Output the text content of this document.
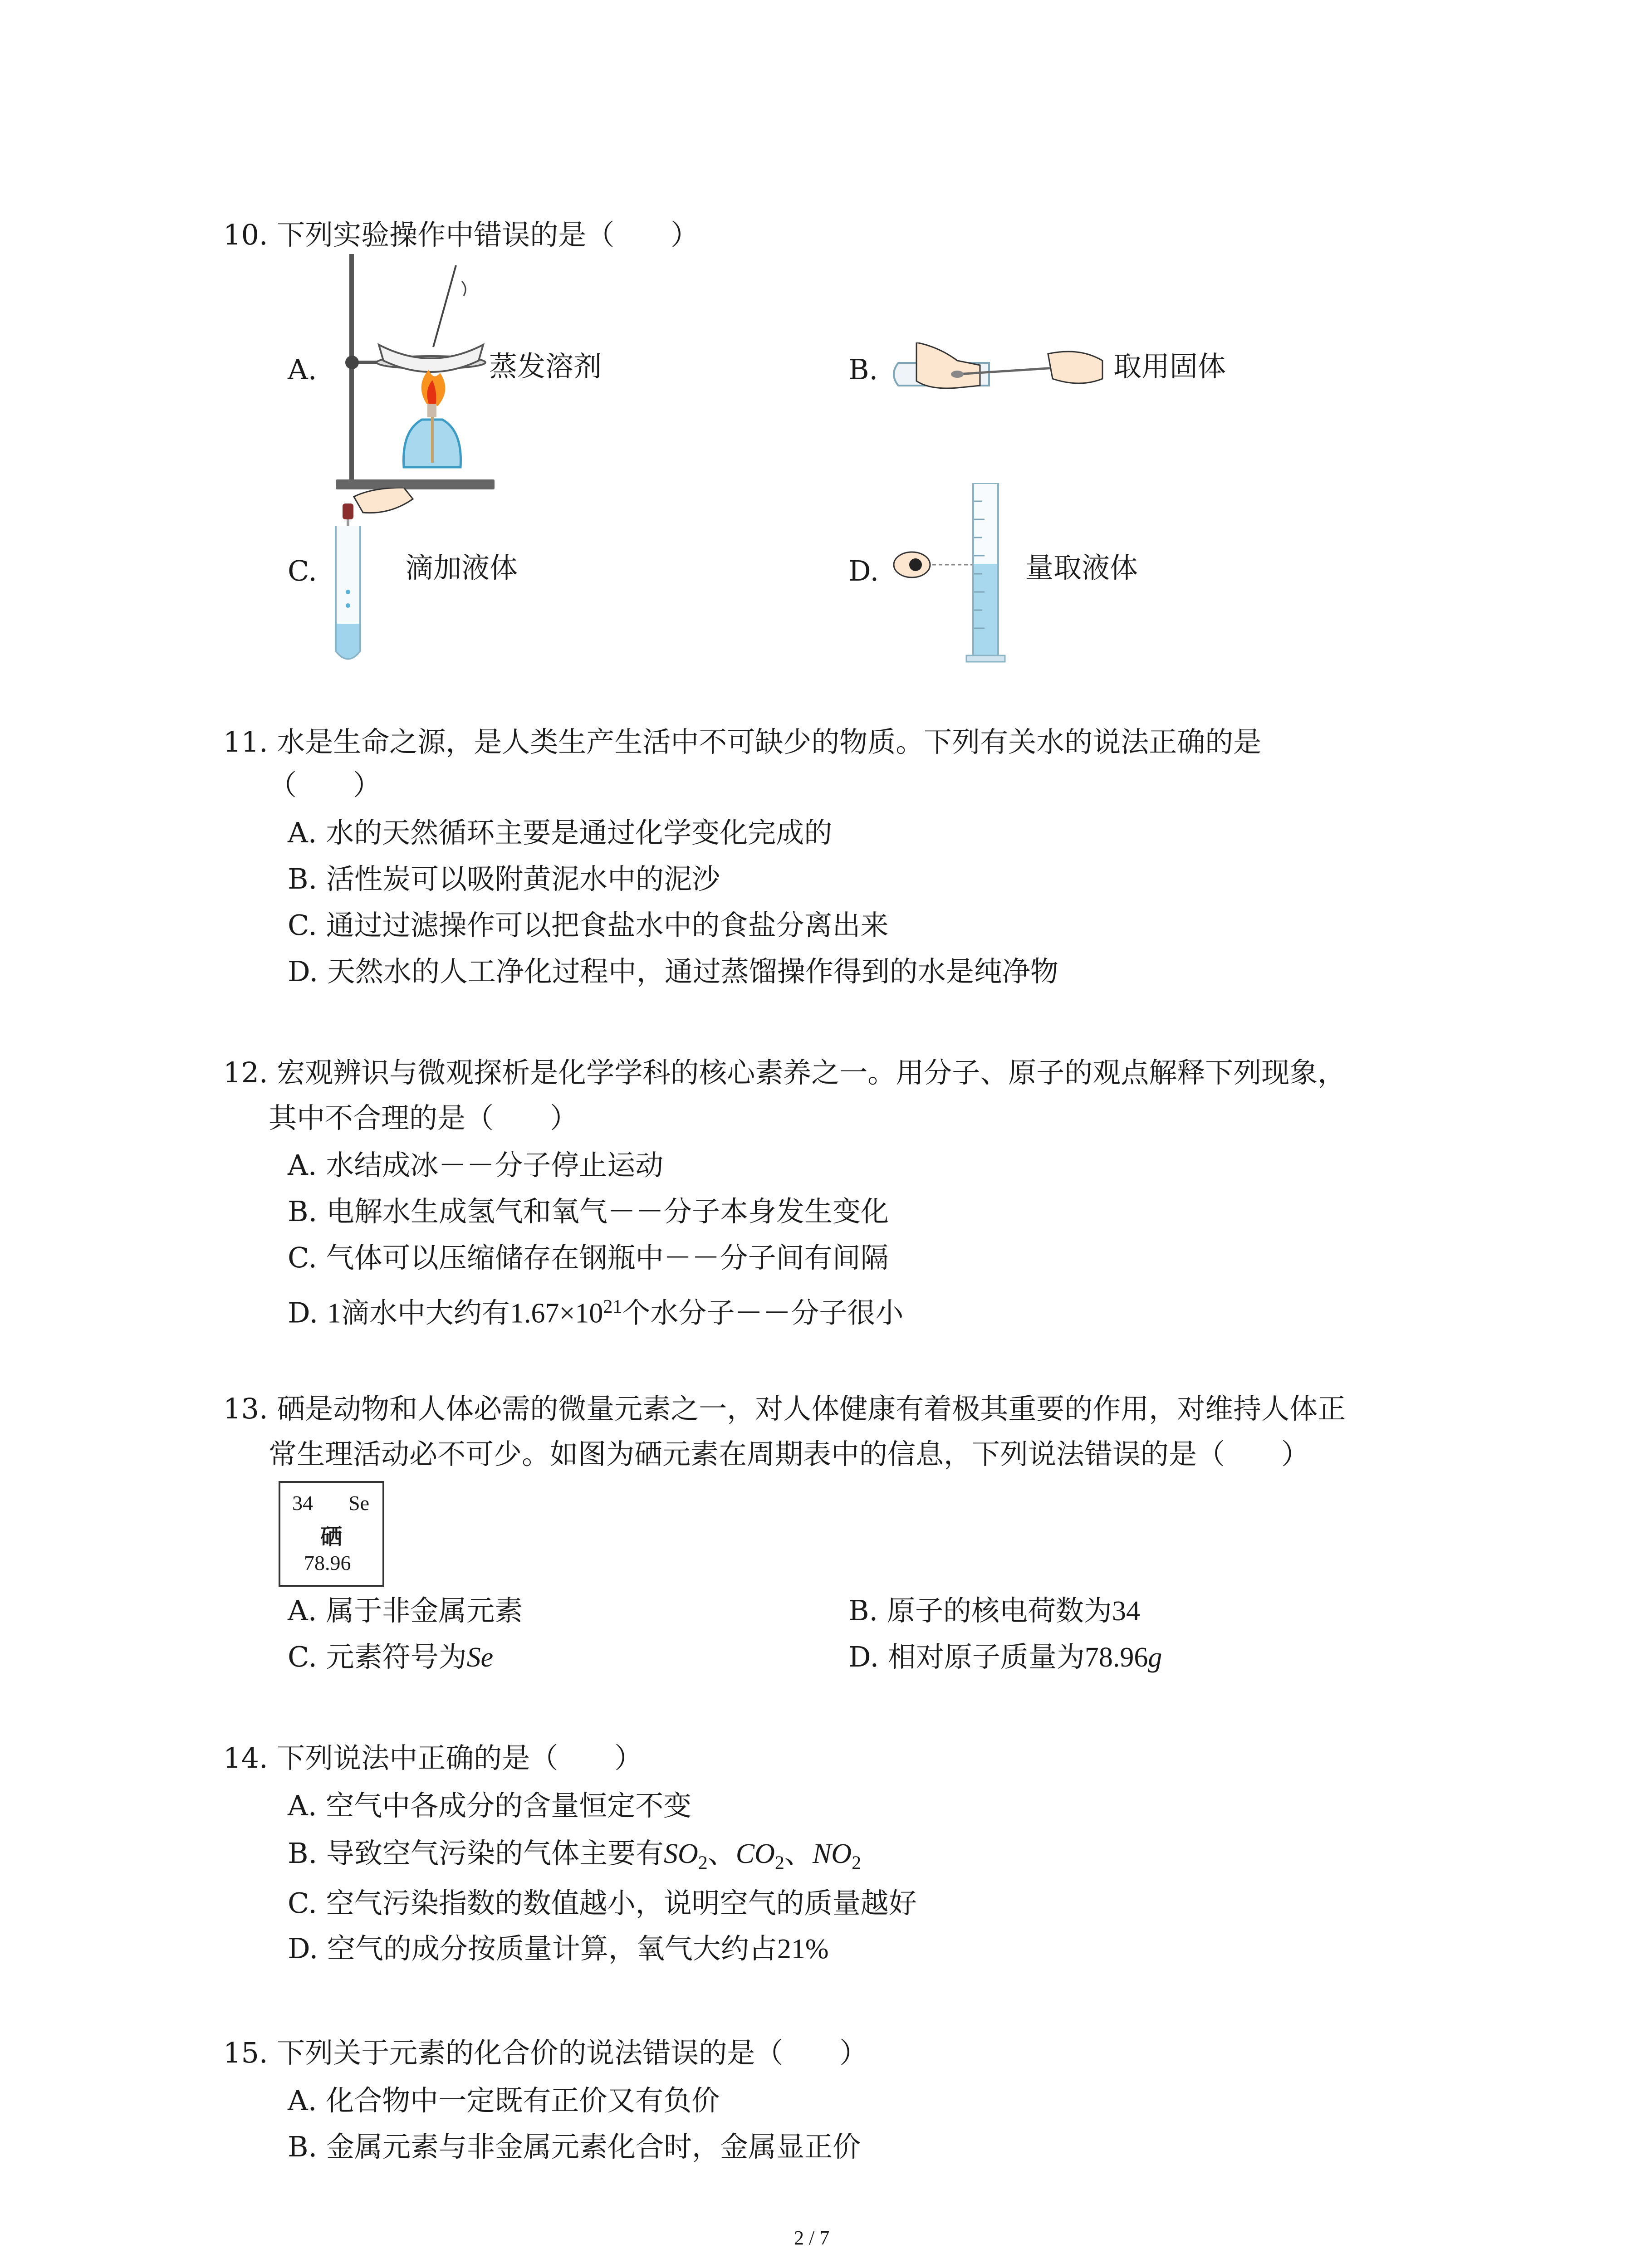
10. 下列实验操作中错误的是（　　）
A.	蒸发溶剂	B.	取用固体
C.	滴加液体	D.	量取液体
11. 水是生命之源，是人类生产生活中不可缺少的物质。下列有关水的说法正确的是
（　　）
A. 水的天然循环主要是通过化学变化完成的
B. 活性炭可以吸附黄泥水中的泥沙
C. 通过过滤操作可以把食盐水中的食盐分离出来
D. 天然水的人工净化过程中，通过蒸馏操作得到的水是纯净物
12. 宏观辨识与微观探析是化学学科的核心素养之一。用分子、原子的观点解释下列现象，
其中不合理的是（　　）
A. 水结成冰－－分子停止运动
B. 电解水生成氢气和氧气－－分子本身发生变化
C. 气体可以压缩储存在钢瓶中－－分子间有间隔
D. 1滴水中大约有$1.67\times 10^{21}$个水分子－－分子很小
13. 硒是动物和人体必需的微量元素之一，对人体健康有着极其重要的作用，对维持人体正
常生理活动必不可少。如图为硒元素在周期表中的信息，下列说法错误的是（　　）
34 Se
硒
78.96
A. 属于非金属元素	B. 原子的核电荷数为34
C. 元素符号为Se	D. 相对原子质量为78.96g
14. 下列说法中正确的是（　　）
A. 空气中各成分的含量恒定不变
B. 导致空气污染的气体主要有$SO_2$、$CO_2$、$NO_2$
C. 空气污染指数的数值越小，说明空气的质量越好
D. 空气的成分按质量计算，氧气大约占21%
15. 下列关于元素的化合价的说法错误的是（　　）
A. 化合物中一定既有正价又有负价
B. 金属元素与非金属元素化合时，金属显正价
2 / 7
